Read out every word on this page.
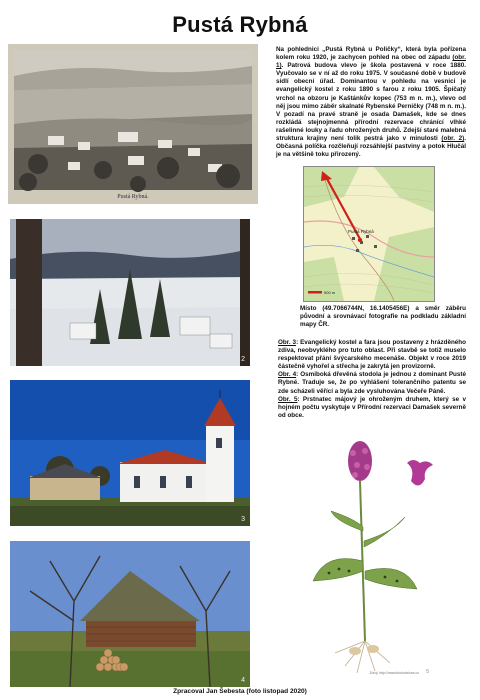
Pustá Rybná
Pustá Rybná.

Na pohlednici „Pustá Rybná u Poličky“, která byla pořízena kolem roku 1920, je zachycen pohled na obec od západu (obr. 1). Patrová budova vlevo je škola postavená v roce 1880. Vyučovalo se v ní až do roku 1975. V současné době v budově sídlí obecní úřad. Dominantou v pohledu na vesnici je evangelický kostel z roku 1890 s farou z roku 1905. Špičatý vrchol na obzoru je Kaštánkův kopec (753 m n. m.), vlevo od něj jsou mimo záběr skalnaté Rybenské Perničky (748 m n. m.). V pozadí na pravé straně je osada Damašek, kde se dnes rozkládá stejnojmenná přírodní rezervace chránící vlhké rašelinné louky a řadu ohrožených druhů. Zdejší staré malebná struktura krajiny není tolik pestrá jako v minulosti (obr. 2). Občasná políčka rozčleňují rozsáhlejší pastviny a potok Hlučál je na většině toku přirozený.

Pustá Rybná
500 m
Místo (49.7066744N, 16.1405456E) a směr záběru původní a srovnávací fotografie na podkladu základní mapy ČR.
2
3

Obr. 3: Evangelický kostel a fara jsou postaveny z hrázděného zdiva, neobvyklého pro tuto oblast. Při stavbě se totiž muselo respektovat přání švýcarského mecenáše. Objekt v roce 2019 částečně vyhořel a střecha je zakrytá jen provizorně.
Obr. 4: Osmiboká dřevěná stodola je jednou z dominant Pusté Rybné. Traduje se, že po vyhlášení tolerančního patentu se zde scházeli věřící a byla zde vysluhována Večeře Páně.
Obr. 5: Prstnatec májový je ohroženým druhem, který se v hojném počtu vyskytuje v Přírodní rezervaci Damašek severně od obce.

4
Zdroj: http://www.biolovisions.cz 5
Zpracoval Jan Šebesta (foto listopad 2020)
